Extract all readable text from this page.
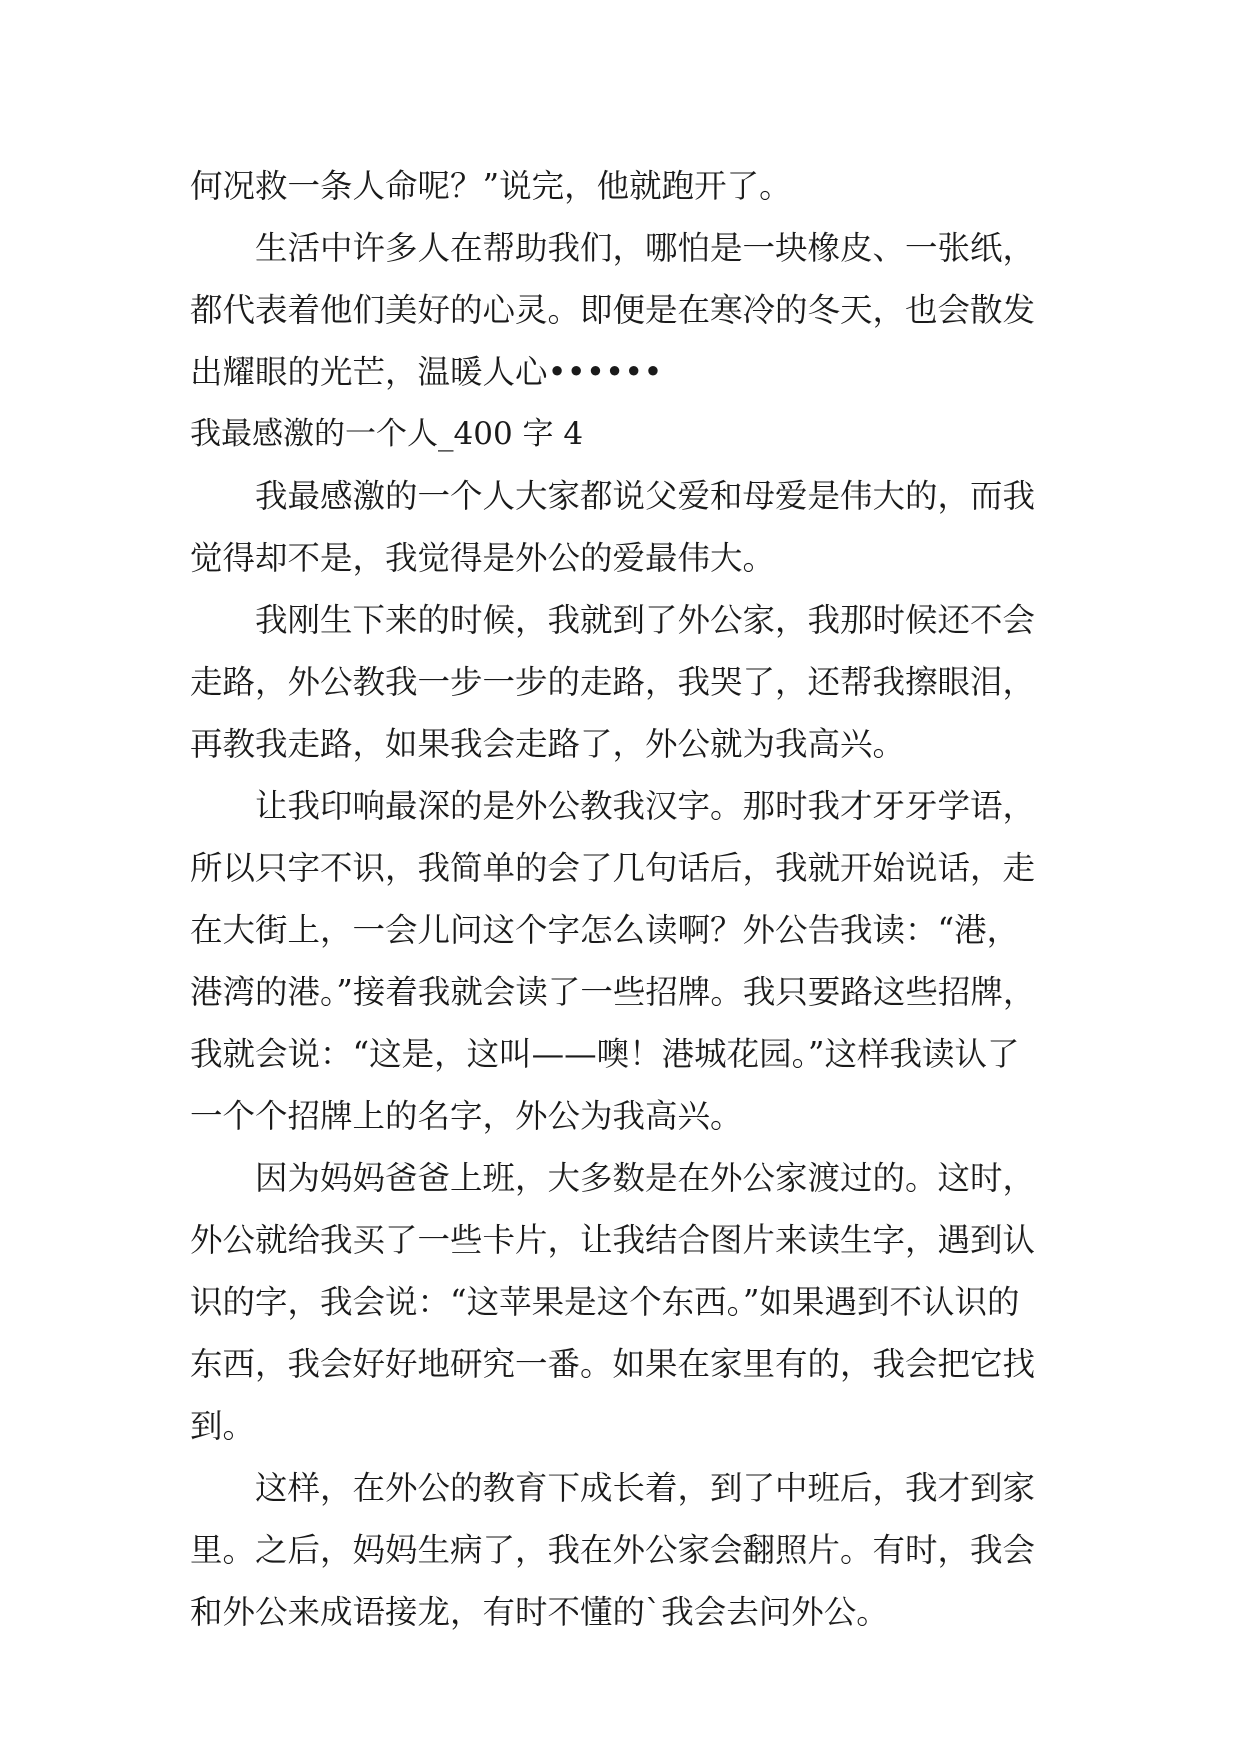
何况救一条人命呢？”说完，他就跑开了。
生活中许多人在帮助我们，哪怕是一块橡皮、一张纸，
都代表着他们美好的心灵。即便是在寒冷的冬天，也会散发
出耀眼的光芒，温暖人心••••••
我最感激的一个人_400 字 4
我最感激的一个人大家都说父爱和母爱是伟大的，而我
觉得却不是，我觉得是外公的爱最伟大。
我刚生下来的时候，我就到了外公家，我那时候还不会
走路，外公教我一步一步的走路，我哭了，还帮我擦眼泪，
再教我走路，如果我会走路了，外公就为我高兴。
让我印响最深的是外公教我汉字。那时我才牙牙学语，
所以只字不识，我简单的会了几句话后，我就开始说话，走
在大街上，一会儿问这个字怎么读啊？外公告我读：“港，
港湾的港。”接着我就会读了一些招牌。我只要路这些招牌，
我就会说：“这是，这叫——噢！港城花园。”这样我读认了
一个个招牌上的名字，外公为我高兴。
因为妈妈爸爸上班，大多数是在外公家渡过的。这时，
外公就给我买了一些卡片，让我结合图片来读生字，遇到认
识的字，我会说：“这苹果是这个东西。”如果遇到不认识的
东西，我会好好地研究一番。如果在家里有的，我会把它找
到。
这样，在外公的教育下成长着，到了中班后，我才到家
里。之后，妈妈生病了，我在外公家会翻照片。有时，我会
和外公来成语接龙，有时不懂的`我会去问外公。
